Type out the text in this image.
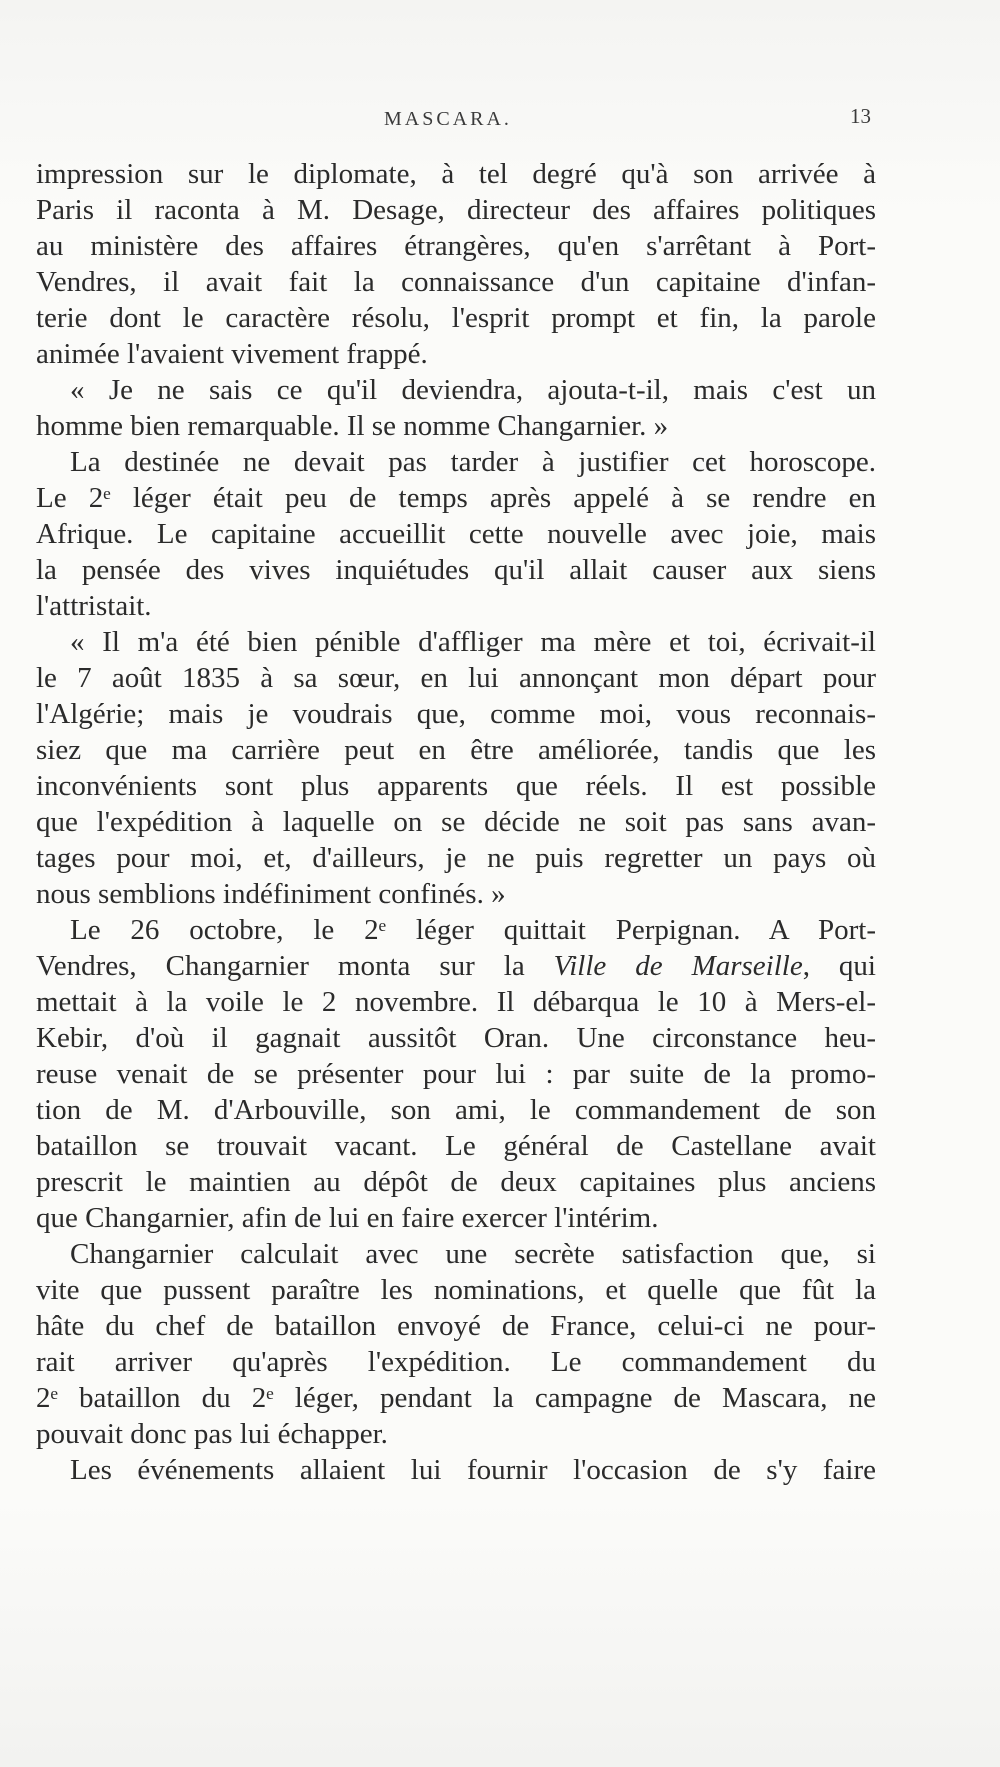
MASCARA.	13
impression sur le diplomate, à tel degré qu'à son arrivée à
Paris il raconta à M. Desage, directeur des affaires politiques
au ministère des affaires étrangères, qu'en s'arrêtant à Port-
Vendres, il avait fait la connaissance d'un capitaine d'infan-
terie dont le caractère résolu, l'esprit prompt et fin, la parole
animée l'avaient vivement frappé.
« Je ne sais ce qu'il deviendra, ajouta-t-il, mais c'est un
homme bien remarquable. Il se nomme Changarnier. »
La destinée ne devait pas tarder à justifier cet horoscope.
Le 2ᵉ léger était peu de temps après appelé à se rendre en
Afrique. Le capitaine accueillit cette nouvelle avec joie, mais
la pensée des vives inquiétudes qu'il allait causer aux siens
l'attristait.
« Il m'a été bien pénible d'affliger ma mère et toi, écrivait-il
le 7 août 1835 à sa sœur, en lui annonçant mon départ pour
l'Algérie; mais je voudrais que, comme moi, vous reconnais-
siez que ma carrière peut en être améliorée, tandis que les
inconvénients sont plus apparents que réels. Il est possible
que l'expédition à laquelle on se décide ne soit pas sans avan-
tages pour moi, et, d'ailleurs, je ne puis regretter un pays où
nous semblions indéfiniment confinés. »
Le 26 octobre, le 2ᵉ léger quittait Perpignan. A Port-
Vendres, Changarnier monta sur la Ville de Marseille, qui
mettait à la voile le 2 novembre. Il débarqua le 10 à Mers-el-
Kebir, d'où il gagnait aussitôt Oran. Une circonstance heu-
reuse venait de se présenter pour lui : par suite de la promo-
tion de M. d'Arbouville, son ami, le commandement de son
bataillon se trouvait vacant. Le général de Castellane avait
prescrit le maintien au dépôt de deux capitaines plus anciens
que Changarnier, afin de lui en faire exercer l'intérim.
Changarnier calculait avec une secrète satisfaction que, si
vite que pussent paraître les nominations, et quelle que fût la
hâte du chef de bataillon envoyé de France, celui-ci ne pour-
rait arriver qu'après l'expédition. Le commandement du
2ᵉ bataillon du 2ᵉ léger, pendant la campagne de Mascara, ne
pouvait donc pas lui échapper.
Les événements allaient lui fournir l'occasion de s'y faire
